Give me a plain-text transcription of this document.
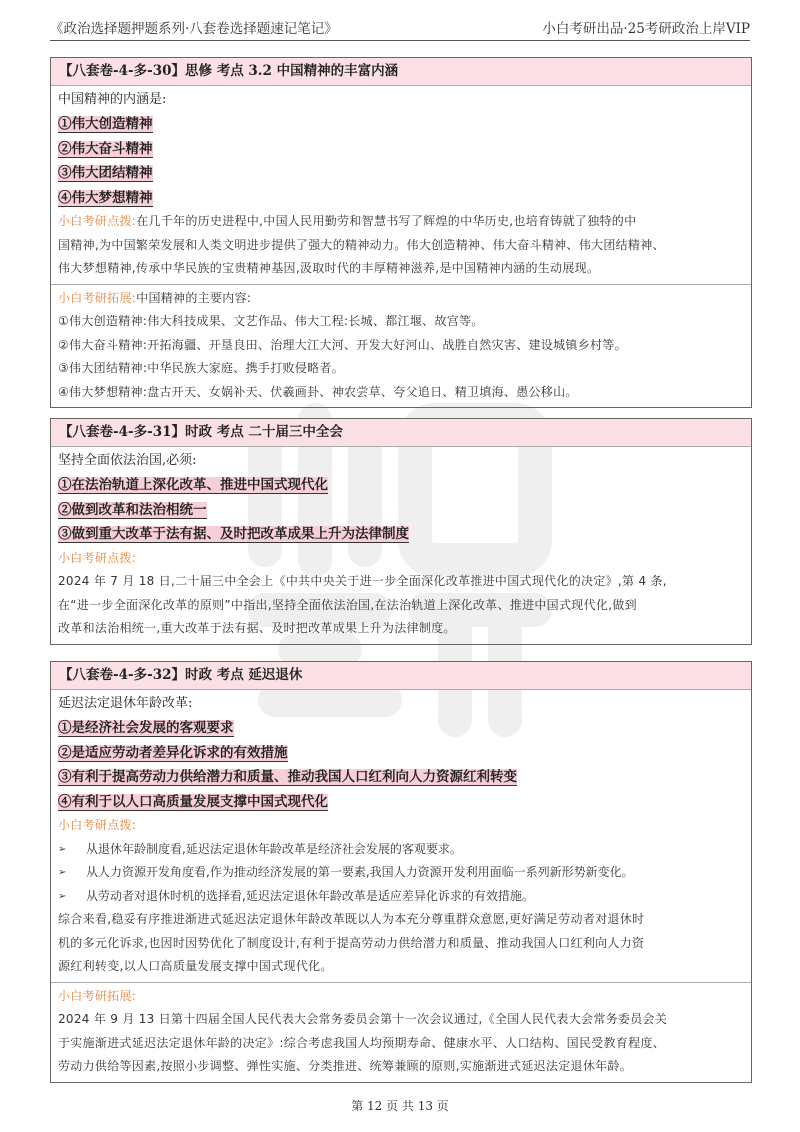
《政治选择题押题系列·八套卷选择题速记笔记》	小白考研出品·25考研政治上岸VIP
【八套卷-4-多-30】思修 考点 3.2 中国精神的丰富内涵
中国精神的内涵是:
①伟大创造精神
②伟大奋斗精神
③伟大团结精神
④伟大梦想精神
小白考研点拨:在几千年的历史进程中,中国人民用勤劳和智慧书写了辉煌的中华历史,也培育铸就了独特的中
国精神,为中国繁荣发展和人类文明进步提供了强大的精神动力。伟大创造精神、伟大奋斗精神、伟大团结精神、
伟大梦想精神,传承中华民族的宝贵精神基因,汲取时代的丰厚精神滋养,是中国精神内涵的生动展现。
小白考研拓展:中国精神的主要内容:
①伟大创造精神:伟大科技成果、文艺作品、伟大工程:长城、都江堰、故宫等。
②伟大奋斗精神:开拓海疆、开垦良田、治理大江大河、开发大好河山、战胜自然灾害、建设城镇乡村等。
③伟大团结精神:中华民族大家庭、携手打败侵略者。
④伟大梦想精神:盘古开天、女娲补天、伏羲画卦、神农尝草、夸父追日、精卫填海、愚公移山。
【八套卷-4-多-31】时政 考点 二十届三中全会
坚持全面依法治国,必须:
①在法治轨道上深化改革、推进中国式现代化
②做到改革和法治相统一
③做到重大改革于法有据、及时把改革成果上升为法律制度
小白考研点拨:
2024 年 7 月 18 日,二十届三中全会上《中共中央关于进一步全面深化改革推进中国式现代化的决定》,第 4 条,
在“进一步全面深化改革的原则”中指出,坚持全面依法治国,在法治轨道上深化改革、推进中国式现代化,做到
改革和法治相统一,重大改革于法有据、及时把改革成果上升为法律制度。
【八套卷-4-多-32】时政 考点 延迟退休
延迟法定退休年龄改革:
①是经济社会发展的客观要求
②是适应劳动者差异化诉求的有效措施
③有利于提高劳动力供给潜力和质量、推动我国人口红利向人力资源红利转变
④有利于以人口高质量发展支撑中国式现代化
小白考研点拨:
➢	从退休年龄制度看,延迟法定退休年龄改革是经济社会发展的客观要求。
➢	从人力资源开发角度看,作为推动经济发展的第一要素,我国人力资源开发利用面临一系列新形势新变化。
➢	从劳动者对退休时机的选择看,延迟法定退休年龄改革是适应差异化诉求的有效措施。
综合来看,稳妥有序推进渐进式延迟法定退休年龄改革既以人为本充分尊重群众意愿,更好满足劳动者对退休时
机的多元化诉求,也因时因势优化了制度设计,有利于提高劳动力供给潜力和质量、推动我国人口红利向人力资
源红利转变,以人口高质量发展支撑中国式现代化。
小白考研拓展:
2024 年 9 月 13 日第十四届全国人民代表大会常务委员会第十一次会议通过,《全国人民代表大会常务委员会关
于实施渐进式延迟法定退休年龄的决定》:综合考虑我国人均预期寿命、健康水平、人口结构、国民受教育程度、
劳动力供给等因素,按照小步调整、弹性实施、分类推进、统筹兼顾的原则,实施渐进式延迟法定退休年龄。
第 12 页 共 13 页
